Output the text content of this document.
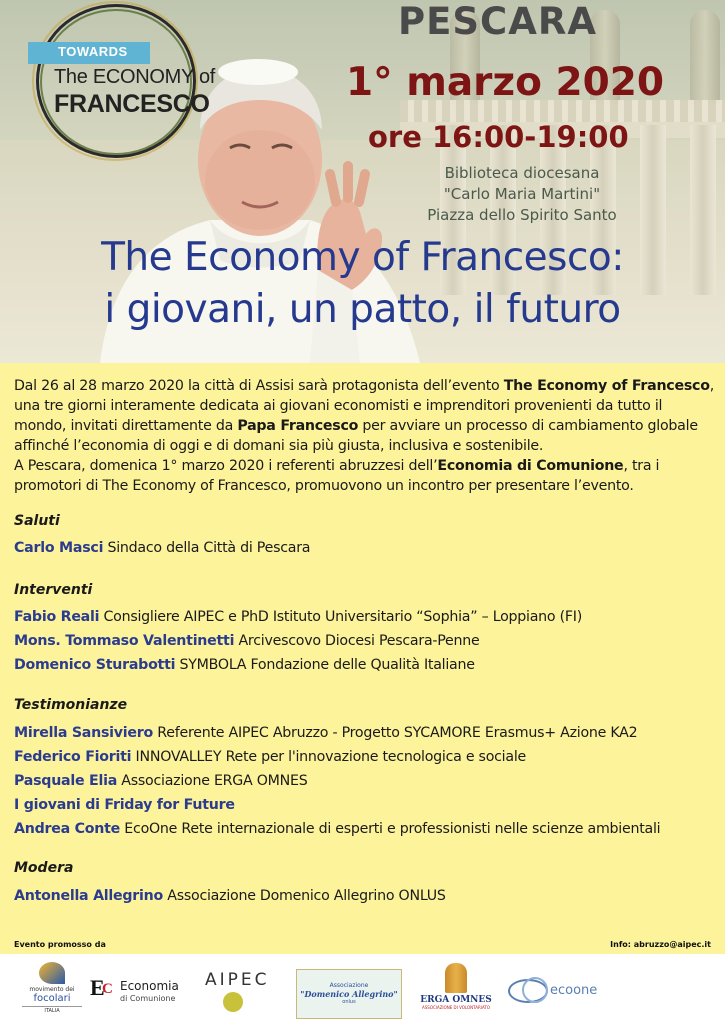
TOWARDS
The ECONOMY of
FRANCESCO
PESCARA
1° marzo 2020
ore 16:00-19:00
Biblioteca diocesana
"Carlo Maria Martini"
Piazza dello Spirito Santo
The Economy of Francesco:
i giovani, un patto, il futuro

Dal 26 al 28 marzo 2020 la città di Assisi sarà protagonista dell’evento The Economy of Francesco, una tre giorni interamente dedicata ai giovani economisti e imprenditori provenienti da tutto il mondo, invitati direttamente da Papa Francesco per avviare un processo di cambiamento globale affinché l’economia di oggi e di domani sia più giusta, inclusiva e sostenibile.

A Pescara, domenica 1° marzo 2020 i referenti abruzzesi dell’Economia di Comunione, tra i promotori di The Economy of Francesco, promuovono un incontro per presentare l’evento.

Saluti
Carlo Masci Sindaco della Città di Pescara
Interventi
Fabio Reali Consigliere AIPEC e PhD Istituto Universitario “Sophia” – Loppiano (FI)
Mons. Tommaso Valentinetti Arcivescovo Diocesi Pescara-Penne
Domenico Sturabotti SYMBOLA Fondazione delle Qualità Italiane
Testimonianze
Mirella Sansiviero Referente AIPEC Abruzzo - Progetto SYCAMORE Erasmus+ Azione KA2
Federico Fioriti INNOVALLEY Rete per l'innovazione tecnologica e sociale
Pasquale Elia Associazione ERGA OMNES
I giovani di Friday for Future
Andrea Conte EcoOne Rete internazionale di esperti e professionisti nelle scienze ambientali
Modera
Antonella Allegrino Associazione Domenico Allegrino ONLUS
Evento promosso da	Info: abruzzo@aipec.it
movimento dei
focolari
ITALIA
E
C Economia
di Comunione
AIPEC	Associazione
"Domenico Allegrino"
onlus	ERGA OMNES
ASSOCIAZIONE DI VOLONTARIATO
ecoone
